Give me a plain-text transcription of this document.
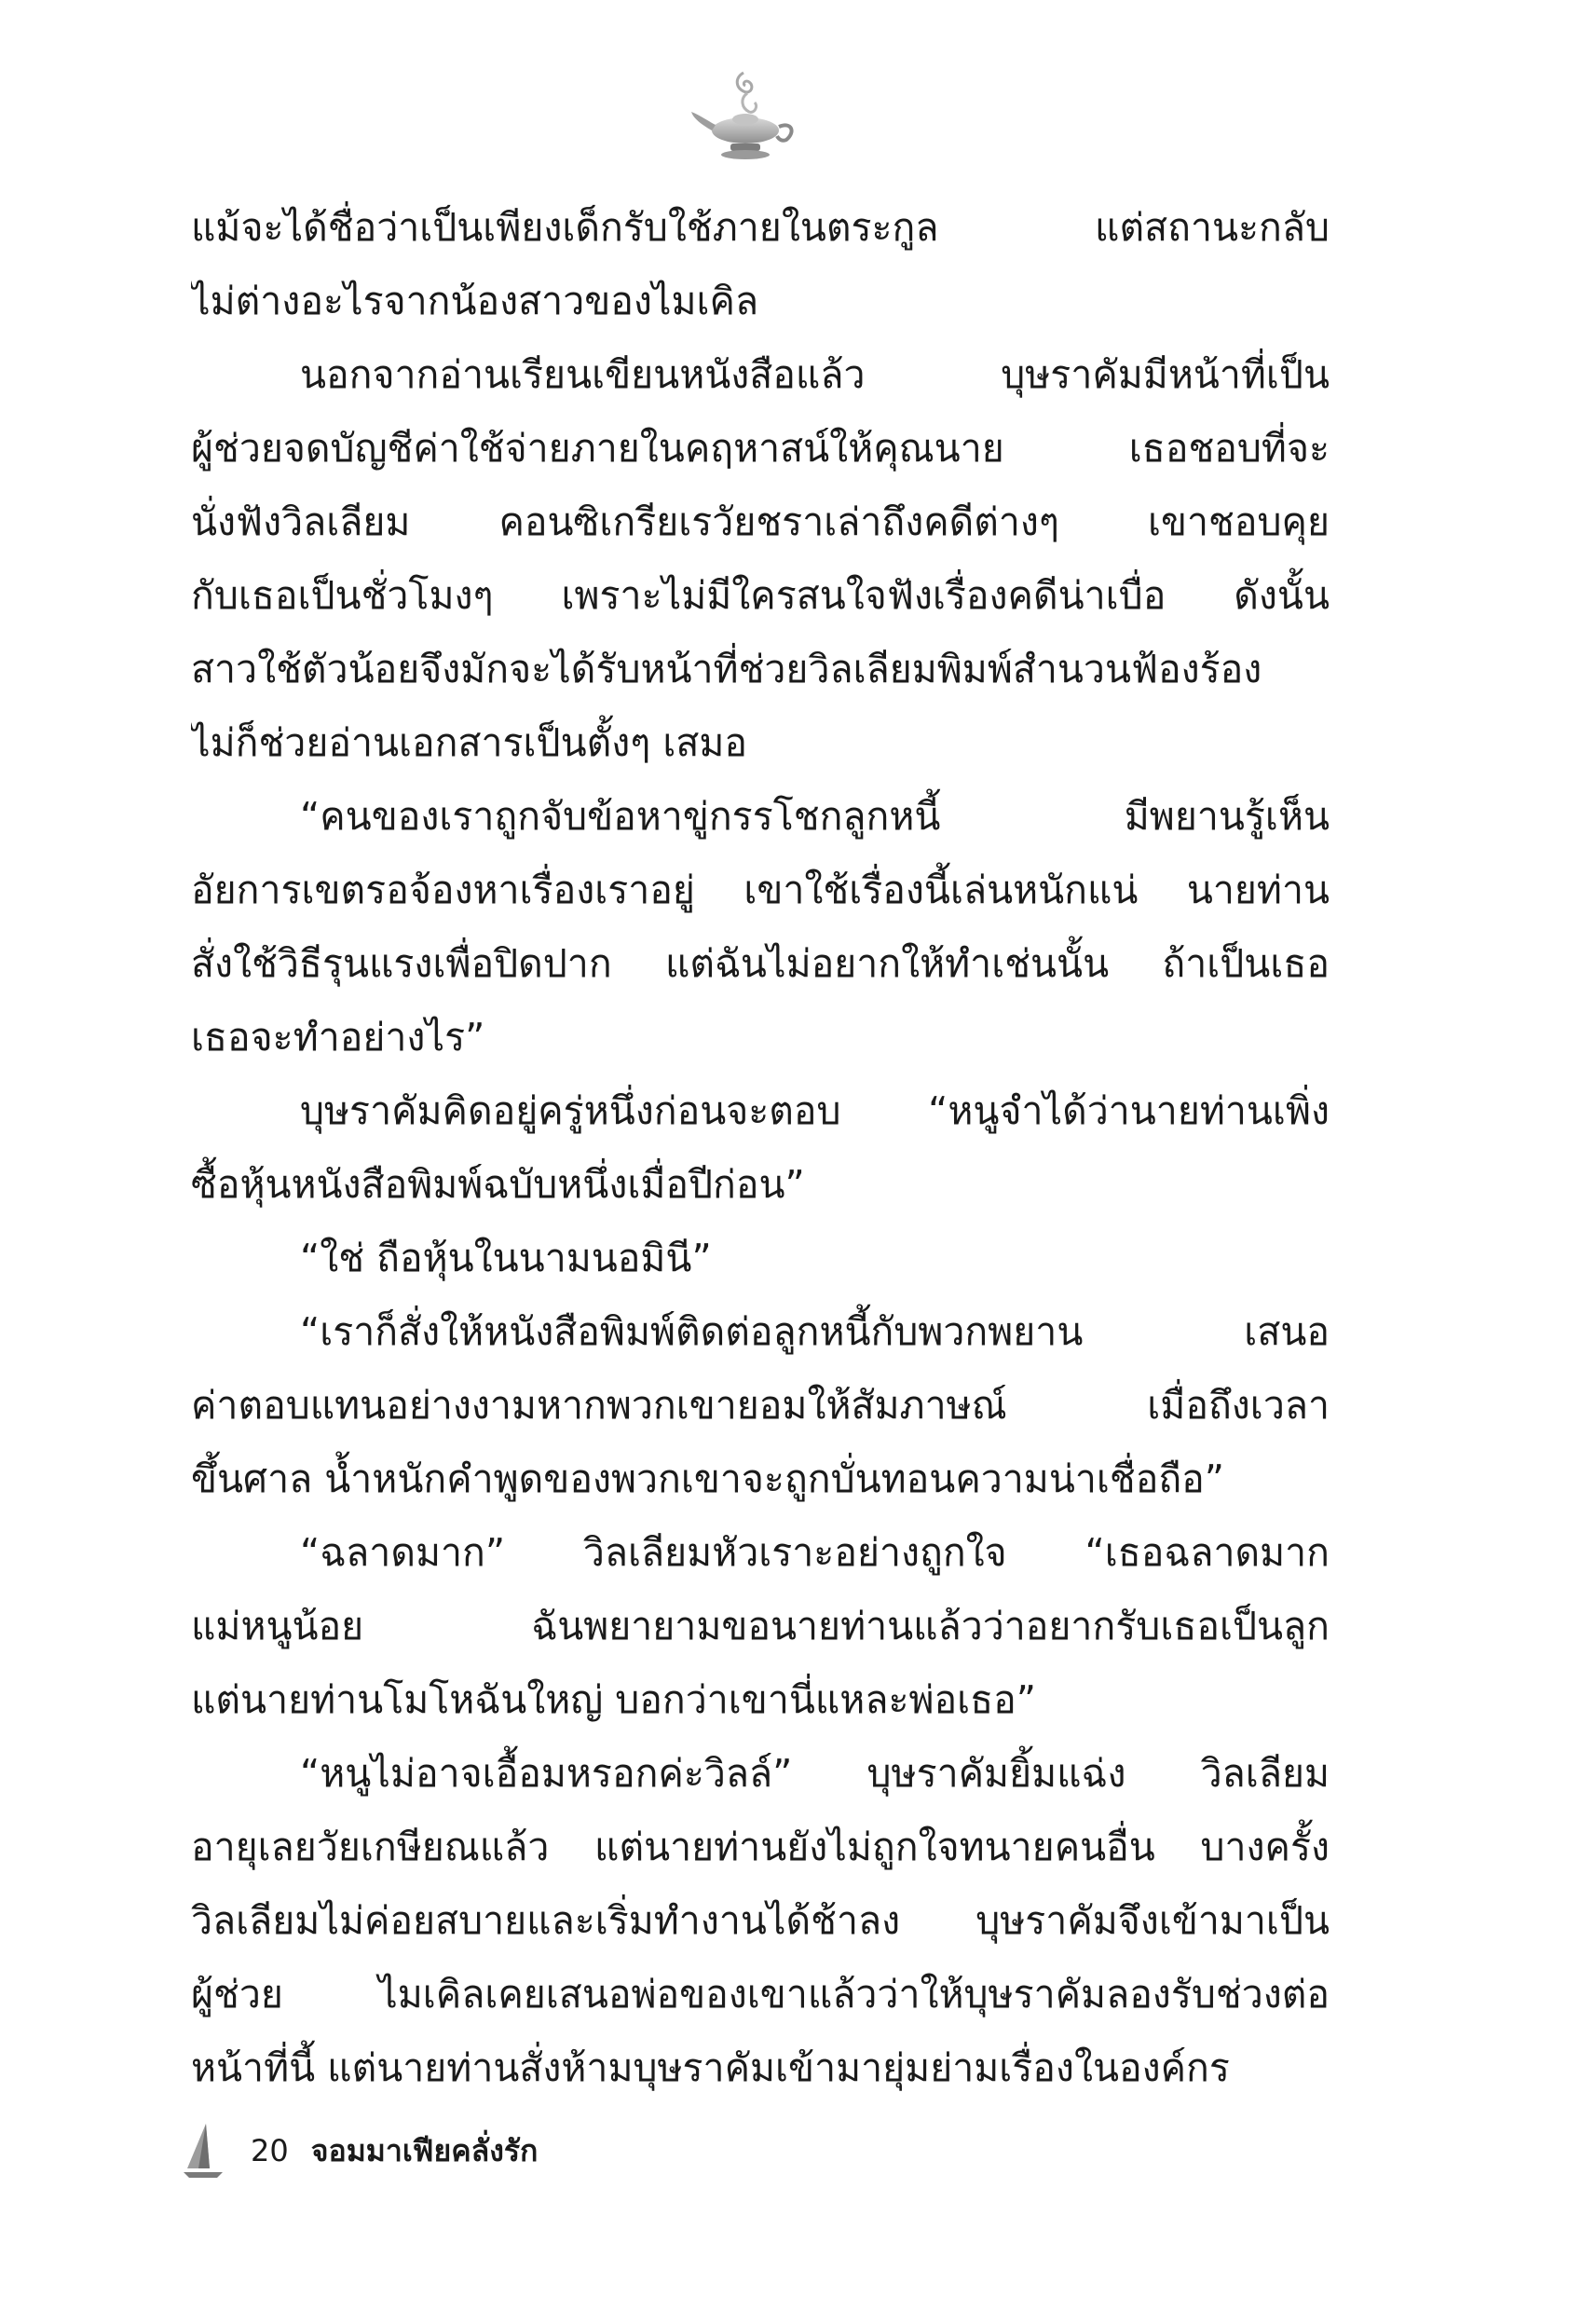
แม้จะได้ชื่อว่าเป็นเพียงเด็กรับใช้ภายในตระกูล แต่สถานะกลับ
ไม่ต่างอะไรจากน้องสาวของไมเคิล
นอกจากอ่านเรียนเขียนหนังสือแล้ว บุษราคัมมีหน้าที่เป็น
ผู้ช่วยจดบัญชีค่าใช้จ่ายภายในคฤหาสน์ให้คุณนาย เธอชอบที่จะ
นั่งฟังวิลเลียม คอนซิเกรียเรวัยชราเล่าถึงคดีต่างๆ เขาชอบคุย
กับเธอเป็นชั่วโมงๆ เพราะไม่มีใครสนใจฟังเรื่องคดีน่าเบื่อ ดังนั้น
สาวใช้ตัวน้อยจึงมักจะได้รับหน้าที่ช่วยวิลเลียมพิมพ์สำนวนฟ้องร้อง
ไม่ก็ช่วยอ่านเอกสารเป็นตั้งๆ เสมอ
“คนของเราถูกจับข้อหาขู่กรรโชกลูกหนี้ มีพยานรู้เห็น
อัยการเขตรอจ้องหาเรื่องเราอยู่ เขาใช้เรื่องนี้เล่นหนักแน่ นายท่าน
สั่งใช้วิธีรุนแรงเพื่อปิดปาก แต่ฉันไม่อยากให้ทำเช่นนั้น ถ้าเป็นเธอ
เธอจะทำอย่างไร”
บุษราคัมคิดอยู่ครู่หนึ่งก่อนจะตอบ “หนูจำได้ว่านายท่านเพิ่ง
ซื้อหุ้นหนังสือพิมพ์ฉบับหนึ่งเมื่อปีก่อน”
“ใช่ ถือหุ้นในนามนอมินี”
“เราก็สั่งให้หนังสือพิมพ์ติดต่อลูกหนี้กับพวกพยาน เสนอ
ค่าตอบแทนอย่างงามหากพวกเขายอมให้สัมภาษณ์ เมื่อถึงเวลา
ขึ้นศาล น้ำหนักคำพูดของพวกเขาจะถูกบั่นทอนความน่าเชื่อถือ”
“ฉลาดมาก” วิลเลียมหัวเราะอย่างถูกใจ “เธอฉลาดมาก
แม่หนูน้อย ฉันพยายามขอนายท่านแล้วว่าอยากรับเธอเป็นลูก
แต่นายท่านโมโหฉันใหญ่ บอกว่าเขานี่แหละพ่อเธอ”
“หนูไม่อาจเอื้อมหรอกค่ะวิลล์” บุษราคัมยิ้มแฉ่ง วิลเลียม
อายุเลยวัยเกษียณแล้ว แต่นายท่านยังไม่ถูกใจทนายคนอื่น บางครั้ง
วิลเลียมไม่ค่อยสบายและเริ่มทำงานได้ช้าลง บุษราคัมจึงเข้ามาเป็น
ผู้ช่วย ไมเคิลเคยเสนอพ่อของเขาแล้วว่าให้บุษราคัมลองรับช่วงต่อ
หน้าที่นี้ แต่นายท่านสั่งห้ามบุษราคัมเข้ามายุ่มย่ามเรื่องในองค์กร
20 จอมมาเฟียคลั่งรัก
